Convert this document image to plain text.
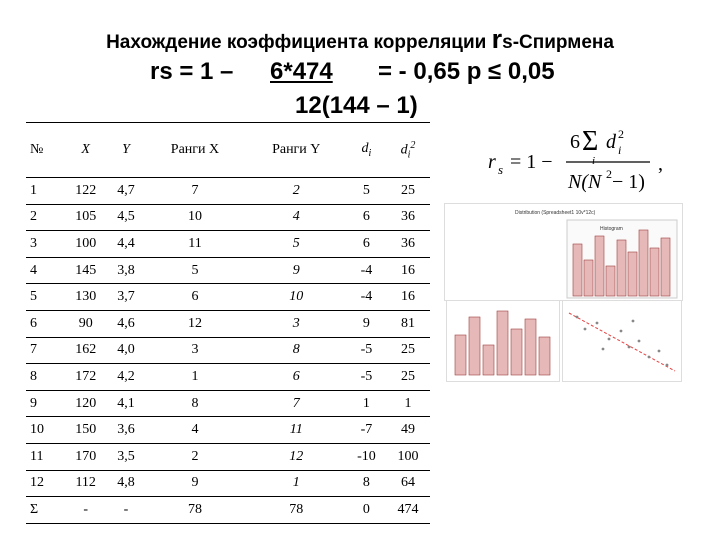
Нахождение коэффициента корреляции rs-Спирмена
rs = 1 – 6*474 = - 0,65 р ≤ 0,05
12(144 – 1)
№	X	Y	Ранги X	Ранги Y	$d_i$	$d_i^2$
1	122	4,7	7	2	5	25
2	105	4,5	10	4	6	36
3	100	4,4	11	5	6	36
4	145	3,8	5	9	-4	16
5	130	3,7	6	10	-4	16
6	90	4,6	12	3	9	81
7	162	4,0	3	8	-5	25
8	172	4,2	1	6	-5	25
9	120	4,1	8	7	1	1
10	150	3,6	4	11	-7	49
11	170	3,5	2	12	-10	100
12	112	4,8	9	1	8	64
Σ	-	-	78	78	0	474
r s = 1 −
6 Σ d i
2
i
N(N 2 − 1)
,
Distribution (Spreadsheet1 10v*12c)
Histogram
